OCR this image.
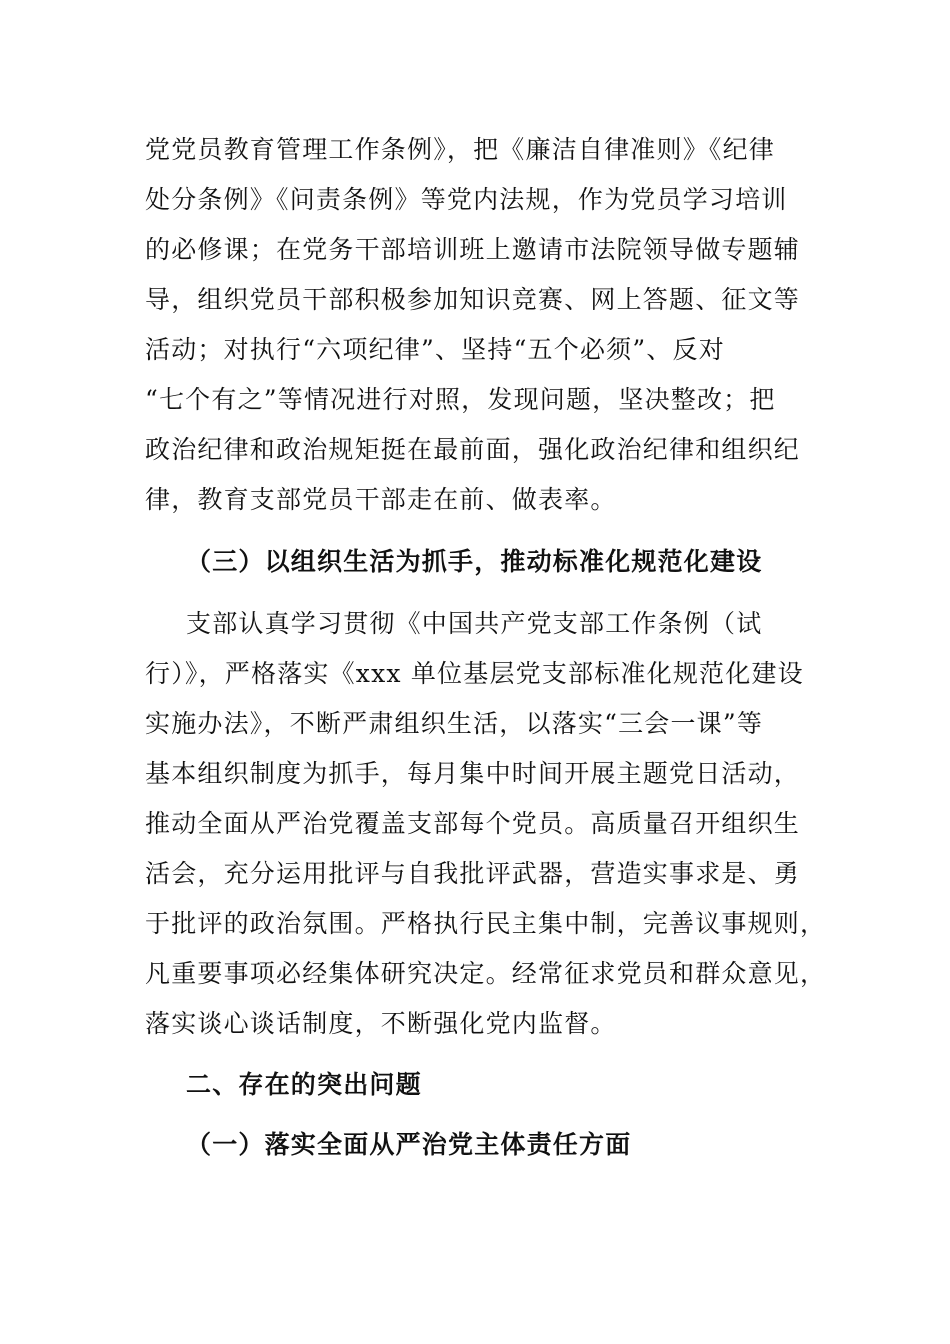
党党员教育管理工作条例》，把《廉洁自律准则》《纪律
处分条例》《问责条例》等党内法规，作为党员学习培训
的必修课；在党务干部培训班上邀请市法院领导做专题辅
导，组织党员干部积极参加知识竞赛、网上答题、征文等
活动；对执行“六项纪律”、坚持“五个必须”、反对
“七个有之”等情况进行对照，发现问题，坚决整改；把
政治纪律和政治规矩挺在最前面，强化政治纪律和组织纪
律，教育支部党员干部走在前、做表率。
（三）以组织生活为抓手，推动标准化规范化建设
支部认真学习贯彻《中国共产党支部工作条例（试
行）》，严格落实《xxx 单位基层党支部标准化规范化建设
实施办法》，不断严肃组织生活，以落实“三会一课”等
基本组织制度为抓手，每月集中时间开展主题党日活动，
推动全面从严治党覆盖支部每个党员。高质量召开组织生
活会，充分运用批评与自我批评武器，营造实事求是、勇
于批评的政治氛围。严格执行民主集中制，完善议事规则，
凡重要事项必经集体研究决定。经常征求党员和群众意见，
落实谈心谈话制度，不断强化党内监督。
二、存在的突出问题
（一）落实全面从严治党主体责任方面
